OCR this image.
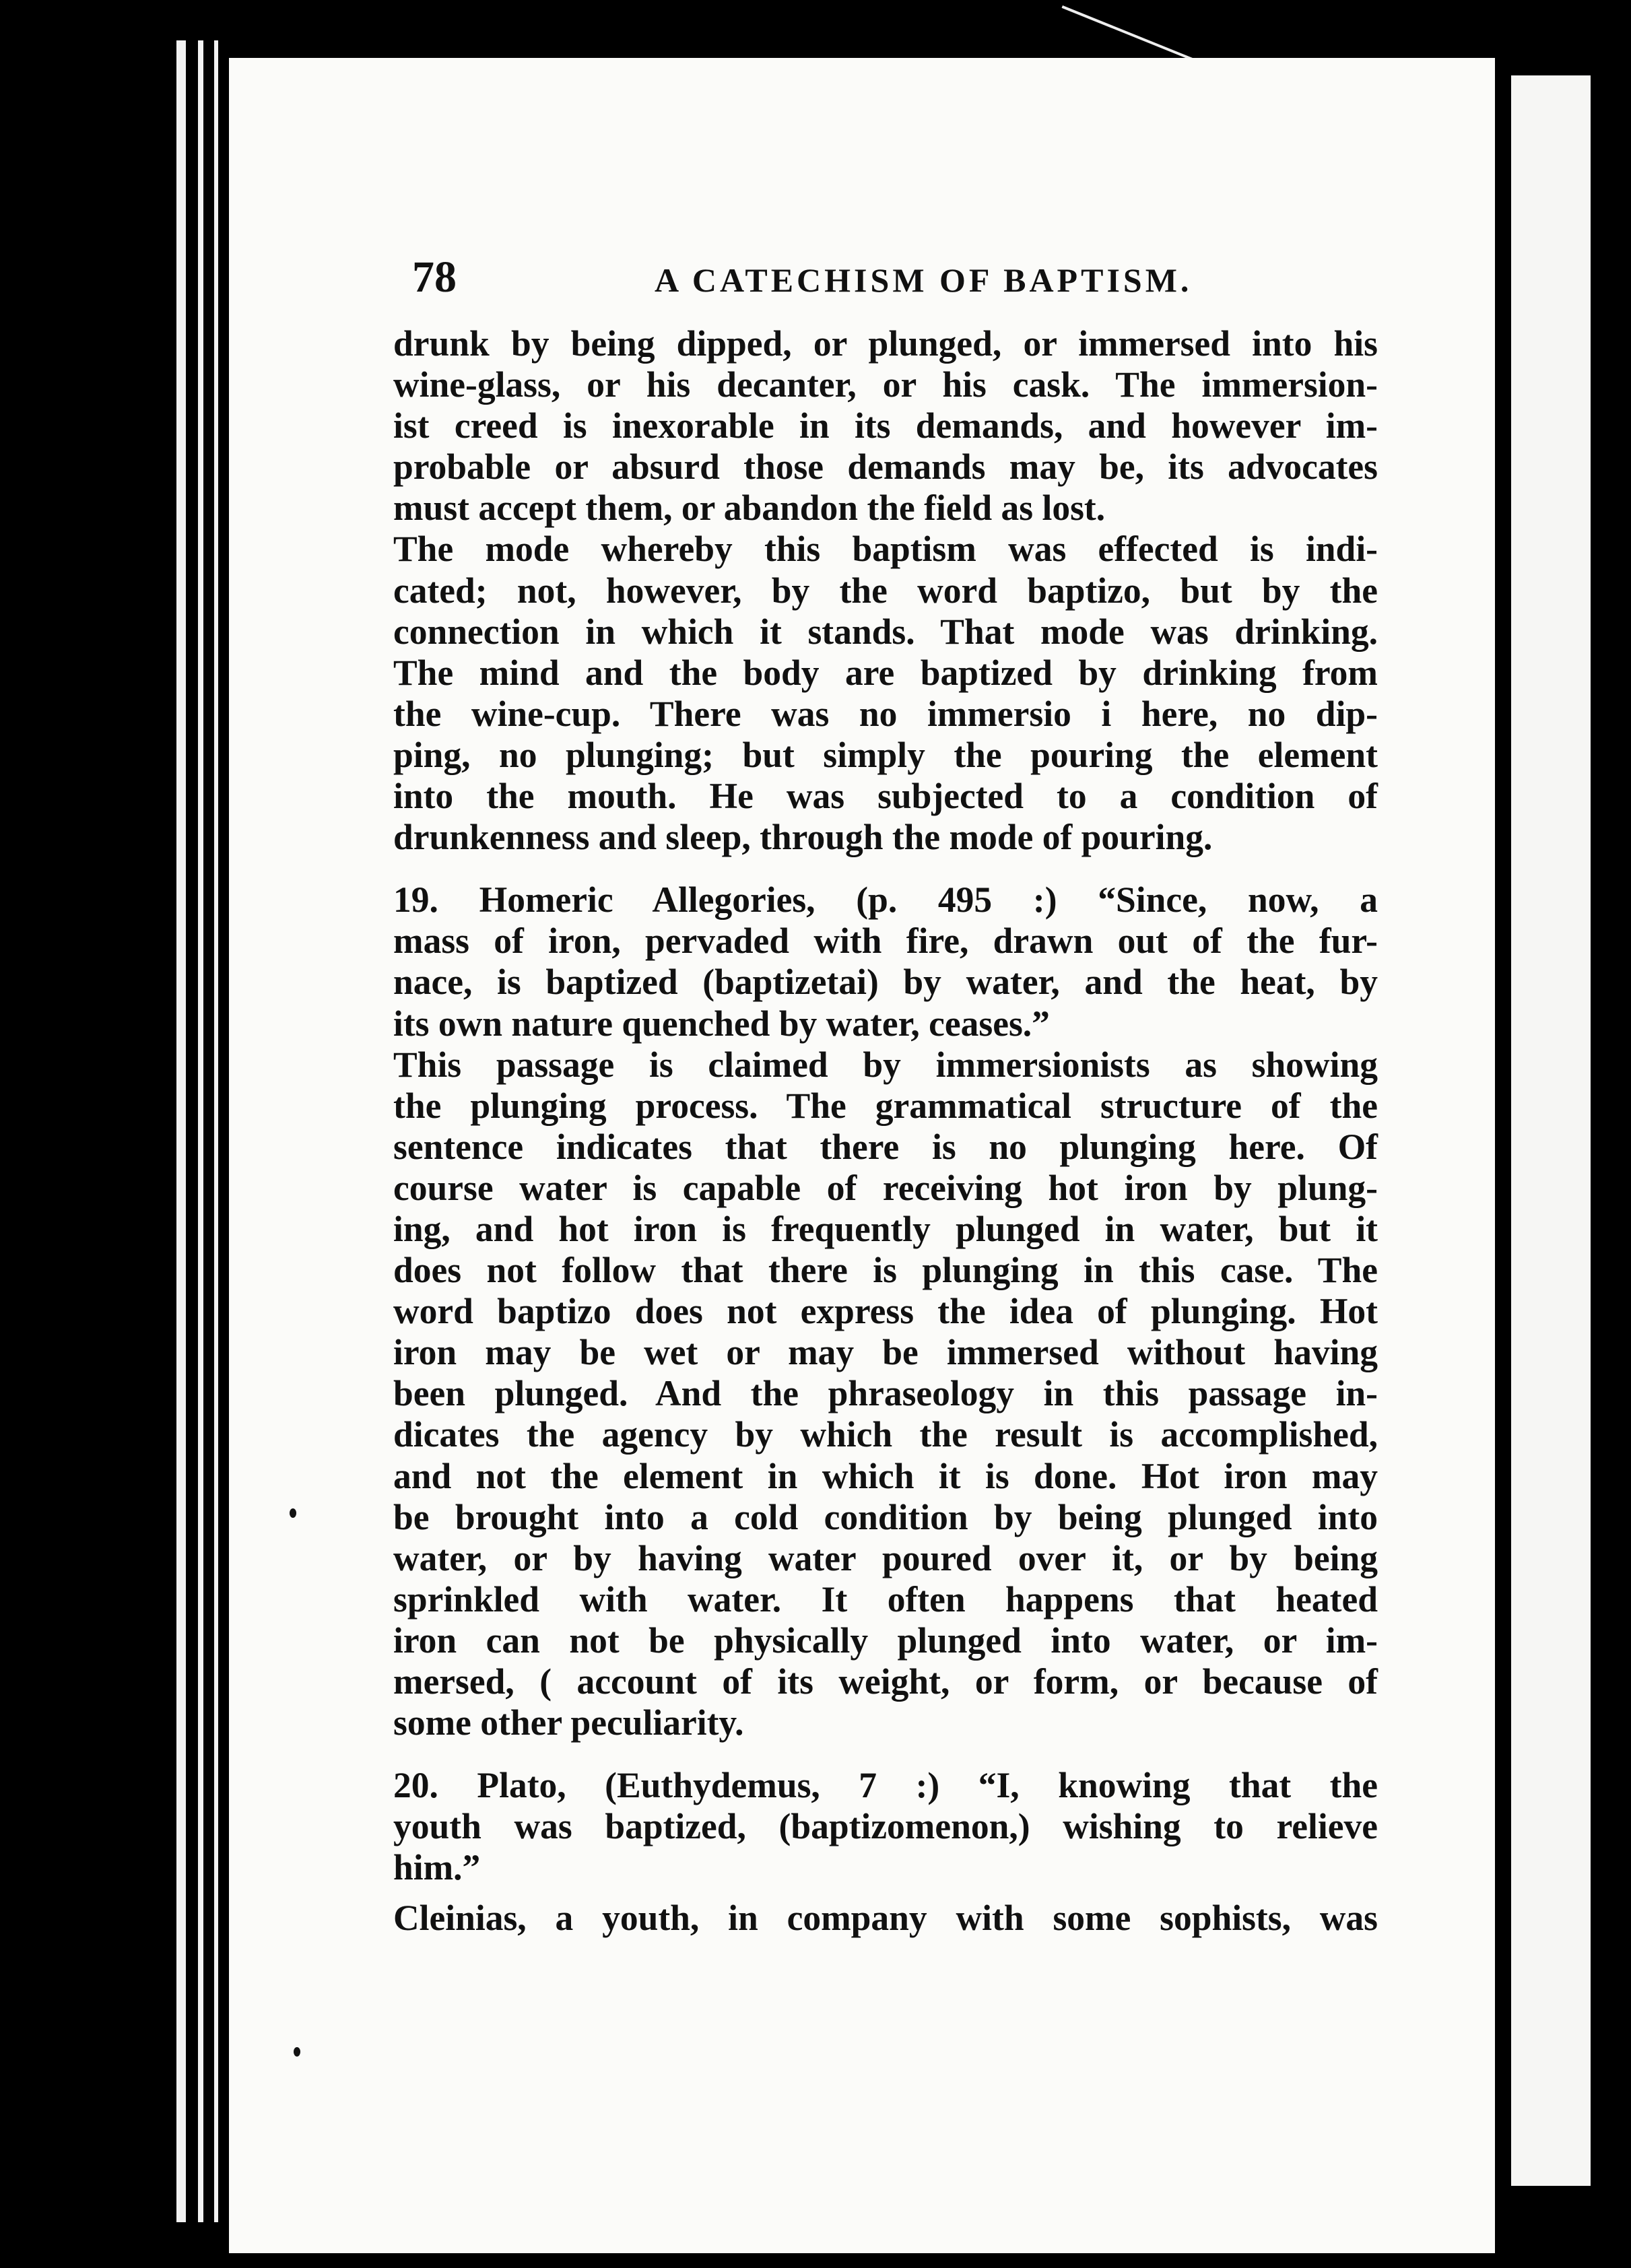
78	A CATECHISM OF BAPTISM.

drunk by being dipped, or plunged, or immersed into his
wine-glass, or his decanter, or his cask. The immersion-
ist creed is inexorable in its demands, and however im-
probable or absurd those demands may be, its advocates
must accept them, or abandon the field as lost.

The mode whereby this baptism was effected is indi-
cated; not, however, by the word baptizo, but by the
connection in which it stands. That mode was drinking.
The mind and the body are baptized by drinking from
the wine-cup. There was no immersio i here, no dip-
ping, no plunging; but simply the pouring the element
into the mouth. He was subjected to a condition of
drunkenness and sleep, through the mode of pouring.

19. Homeric Allegories, (p. 495 :) “Since, now, a
mass of iron, pervaded with fire, drawn out of the fur-
nace, is baptized (baptizetai) by water, and the heat, by
its own nature quenched by water, ceases.”

This passage is claimed by immersionists as showing
the plunging process. The grammatical structure of the
sentence indicates that there is no plunging here. Of
course water is capable of receiving hot iron by plung-
ing, and hot iron is frequently plunged in water, but it
does not follow that there is plunging in this case. The
word baptizo does not express the idea of plunging. Hot
iron may be wet or may be immersed without having
been plunged. And the phraseology in this passage in-
dicates the agency by which the result is accomplished,
and not the element in which it is done. Hot iron may
be brought into a cold condition by being plunged into
water, or by having water poured over it, or by being
sprinkled with water. It often happens that heated
iron can not be physically plunged into water, or im-
mersed, ( account of its weight, or form, or because of
some other peculiarity.

20. Plato, (Euthydemus, 7 :) “I, knowing that the
youth was baptized, (baptizomenon,) wishing to relieve
him.”

Cleinias, a youth, in company with some sophists, was
